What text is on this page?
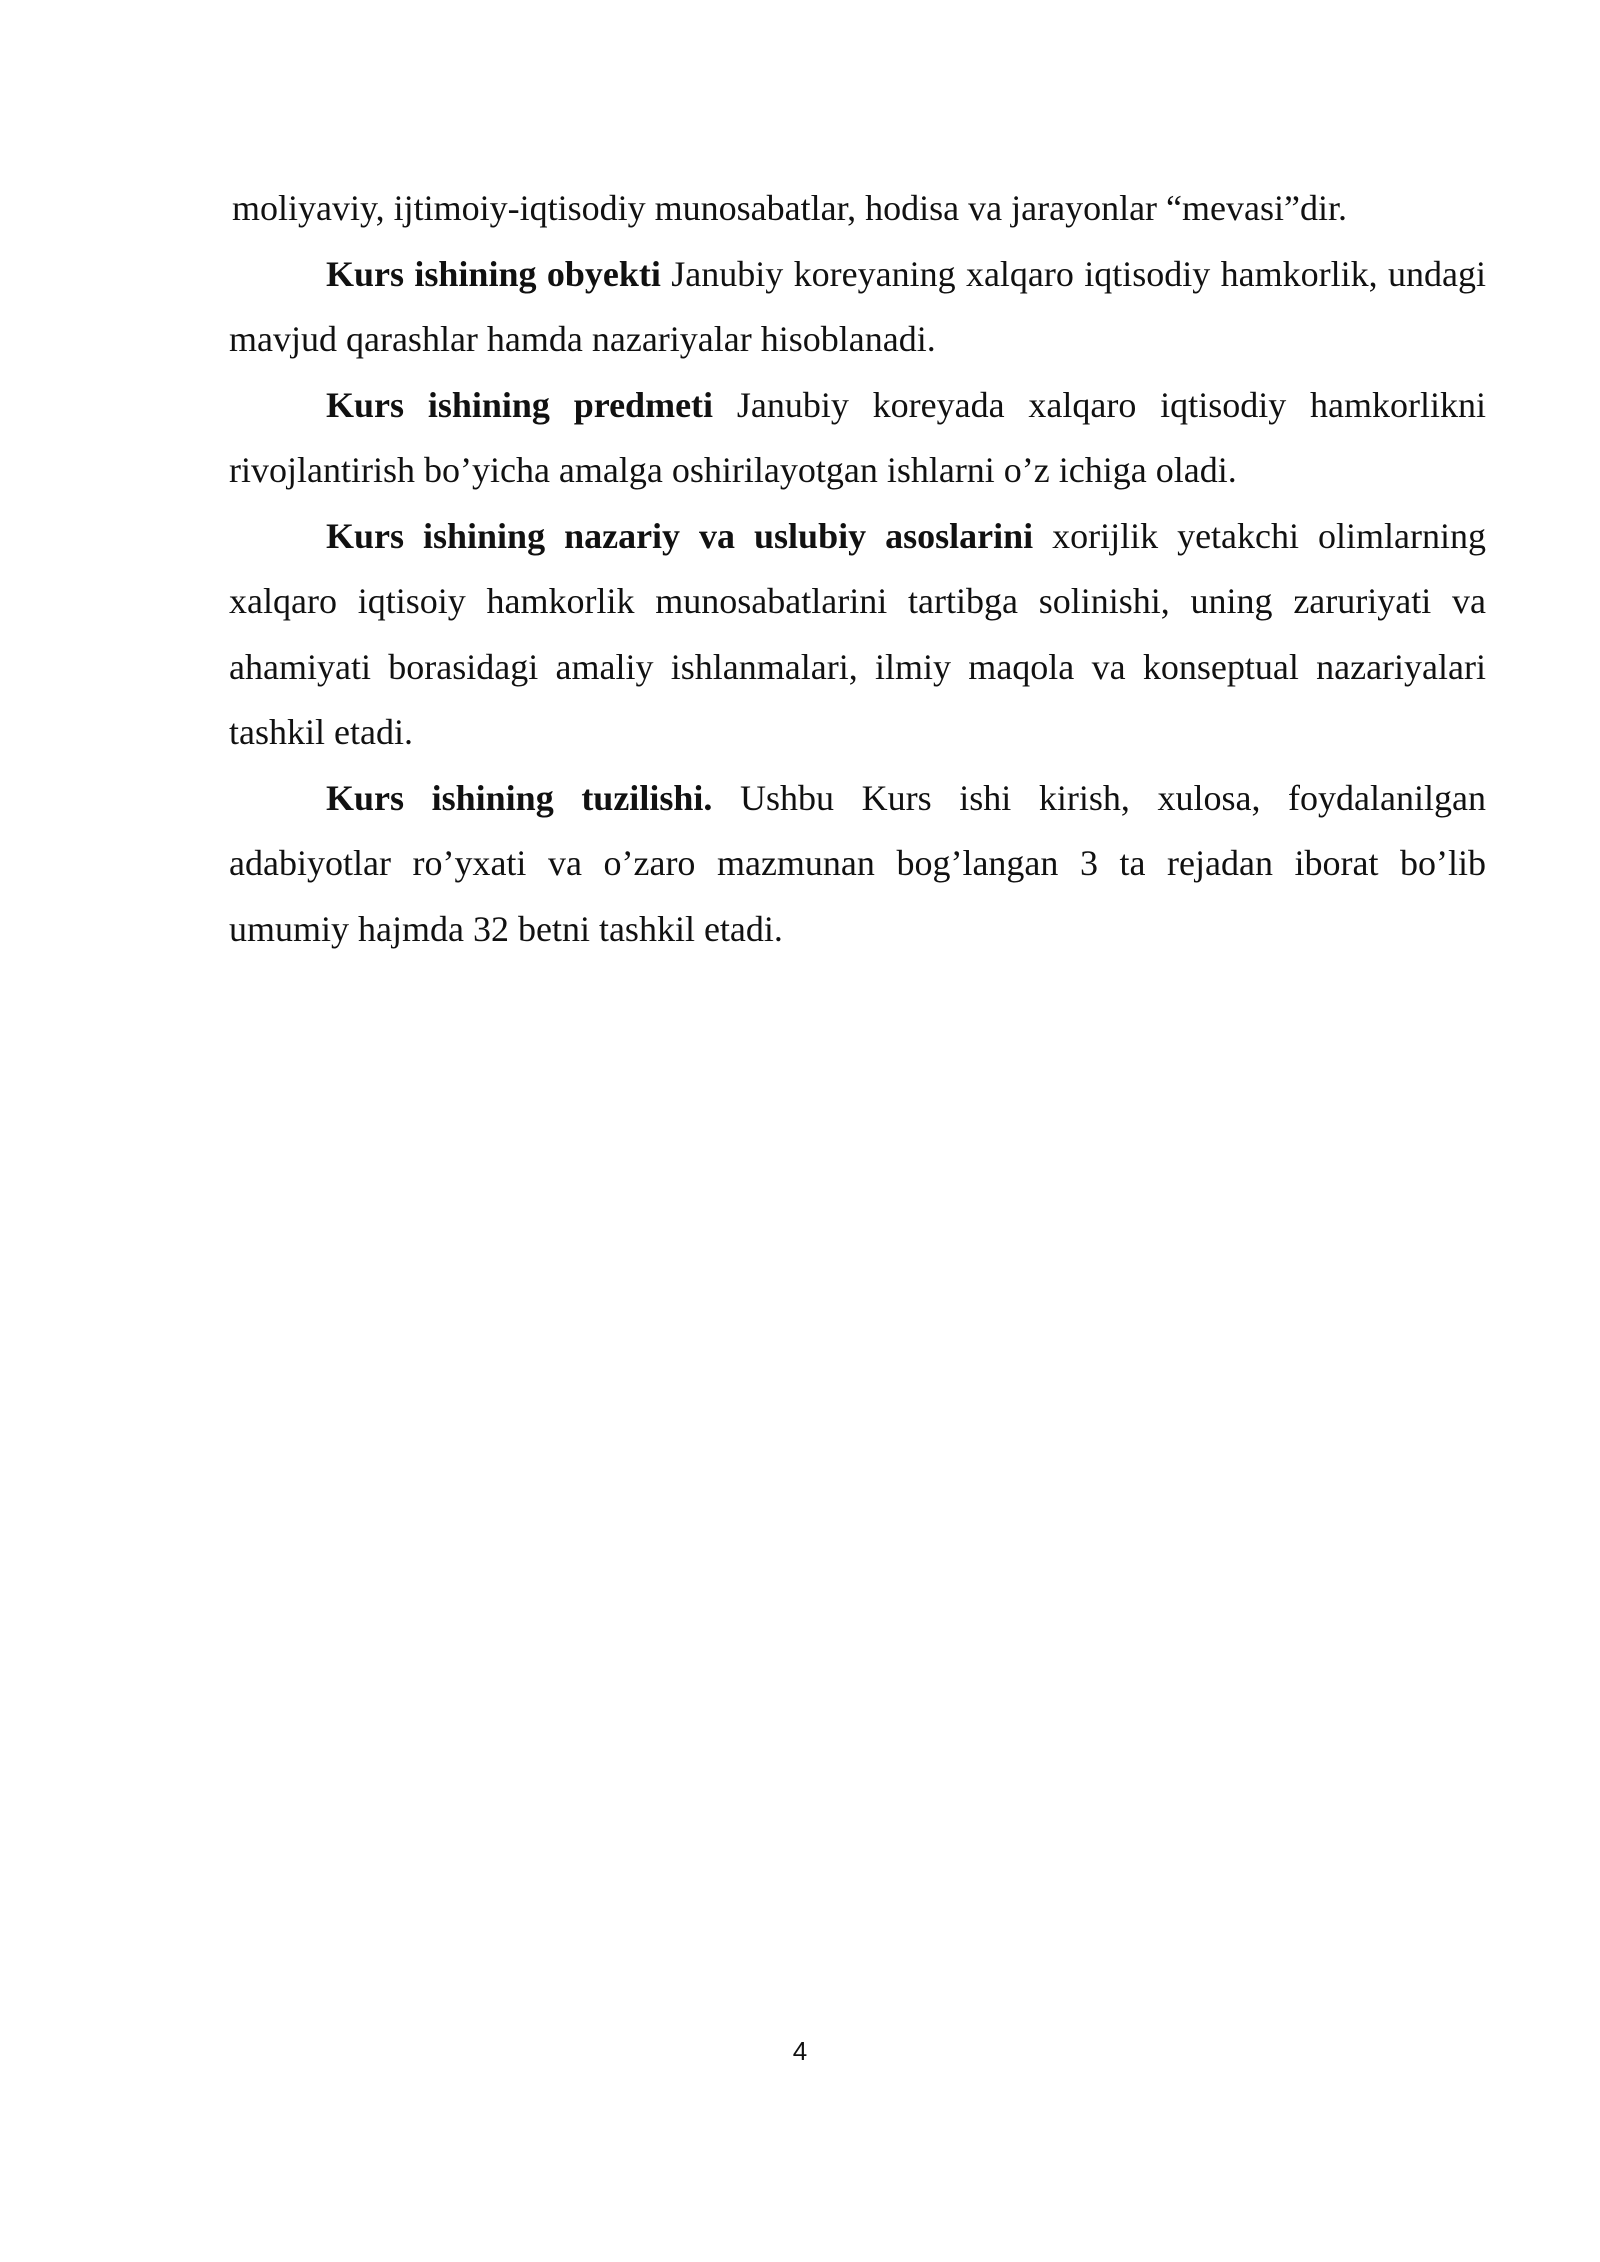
moliyaviy, ijtimoiy-iqtisodiy munosabatlar, hodisa va jarayonlar “mevasi”dir.

Kurs ishining obyekti Janubiy koreyaning xalqaro iqtisodiy hamkorlik, undagi mavjud qarashlar hamda nazariyalar hisoblanadi.

Kurs ishining predmeti Janubiy koreyada xalqaro iqtisodiy hamkorlikni rivojlantirish bo’yicha amalga oshirilayotgan ishlarni o’z ichiga oladi.

Kurs ishining nazariy va uslubiy asoslarini xorijlik yetakchi olimlarning xalqaro iqtisoiy hamkorlik munosabatlarini tartibga solinishi, uning zaruriyati va ahamiyati borasidagi amaliy ishlanmalari, ilmiy maqola va konseptual nazariyalari tashkil etadi.

Kurs ishining tuzilishi. Ushbu Kurs ishi kirish, xulosa, foydalanilgan adabiyotlar ro’yxati va o’zaro mazmunan bog’langan 3 ta rejadan iborat bo’lib umumiy hajmda 32 betni tashkil etadi.

4
